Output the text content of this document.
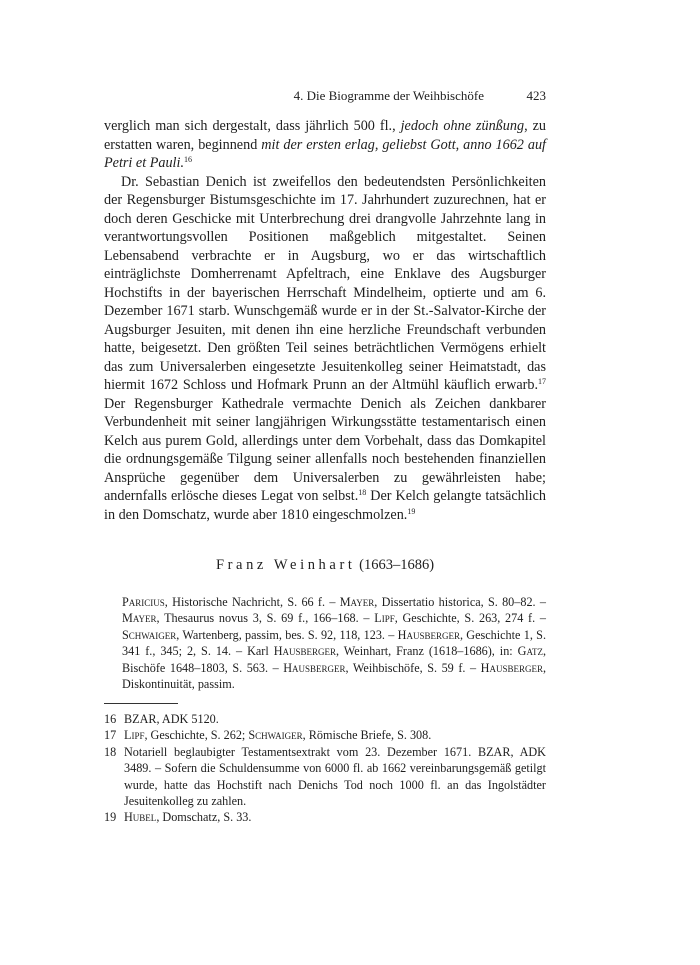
4. Die Biogramme der Weihbischöfe	423

verglich man sich dergestalt, dass jährlich 500 fl., jedoch ohne zünßung, zu erstatten waren, beginnend mit der ersten erlag, geliebst Gott, anno 1662 auf Petri et Pauli.$^{16}$

Dr. Sebastian Denich ist zweifellos den bedeutendsten Persönlichkeiten der Regensburger Bistumsgeschichte im 17. Jahrhundert zuzurechnen, hat er doch deren Geschicke mit Unterbrechung drei drangvolle Jahrzehnte lang in verantwortungsvollen Positionen maßgeblich mitgestaltet. Seinen Lebensabend verbrachte er in Augsburg, wo er das wirtschaftlich einträglichste Domherrenamt Apfeltrach, eine Enklave des Augsburger Hochstifts in der bayerischen Herrschaft Mindelheim, optierte und am 6. Dezember 1671 starb. Wunschgemäß wurde er in der St.-Salvator-Kirche der Augsburger Jesuiten, mit denen ihn eine herzliche Freundschaft verbunden hatte, beigesetzt. Den größten Teil seines beträchtlichen Vermögens erhielt das zum Universalerben eingesetzte Jesuitenkolleg seiner Heimatstadt, das hiermit 1672 Schloss und Hofmark Prunn an der Altmühl käuflich erwarb.$^{17}$ Der Regensburger Kathedrale vermachte Denich als Zeichen dankbarer Verbundenheit mit seiner langjährigen Wirkungsstätte testamentarisch einen Kelch aus purem Gold, allerdings unter dem Vorbehalt, dass das Domkapitel die ordnungsgemäße Tilgung seiner allenfalls noch bestehenden finanziellen Ansprüche gegenüber dem Universalerben zu gewährleisten habe; andernfalls erlösche dieses Legat von selbst.$^{18}$ Der Kelch gelangte tatsächlich in den Domschatz, wurde aber 1810 eingeschmolzen.$^{19}$

Franz Weinhart (1663–1686)
Paricius, Historische Nachricht, S. 66 f. – Mayer, Dissertatio historica, S. 80–82. – Mayer, Thesaurus novus 3, S. 69 f., 166–168. – Lipf, Geschichte, S. 263, 274 f. – Schwaiger, Wartenberg, passim, bes. S. 92, 118, 123. – Hausberger, Geschichte 1, S. 341 f., 345; 2, S. 14. – Karl Hausberger, Weinhart, Franz (1618–1686), in: Gatz, Bischöfe 1648–1803, S. 563. – Hausberger, Weihbischöfe, S. 59 f. – Hausberger, Diskontinuität, passim.
16 BZAR, ADK 5120.
17 Lipf, Geschichte, S. 262; Schwaiger, Römische Briefe, S. 308.
18 Notariell beglaubigter Testamentsextrakt vom 23. Dezember 1671. BZAR, ADK 3489. – Sofern die Schuldensumme von 6000 fl. ab 1662 vereinbarungsgemäß getilgt wurde, hatte das Hochstift nach Denichs Tod noch 1000 fl. an das Ingolstädter Jesuitenkolleg zu zahlen.
19 Hubel, Domschatz, S. 33.
